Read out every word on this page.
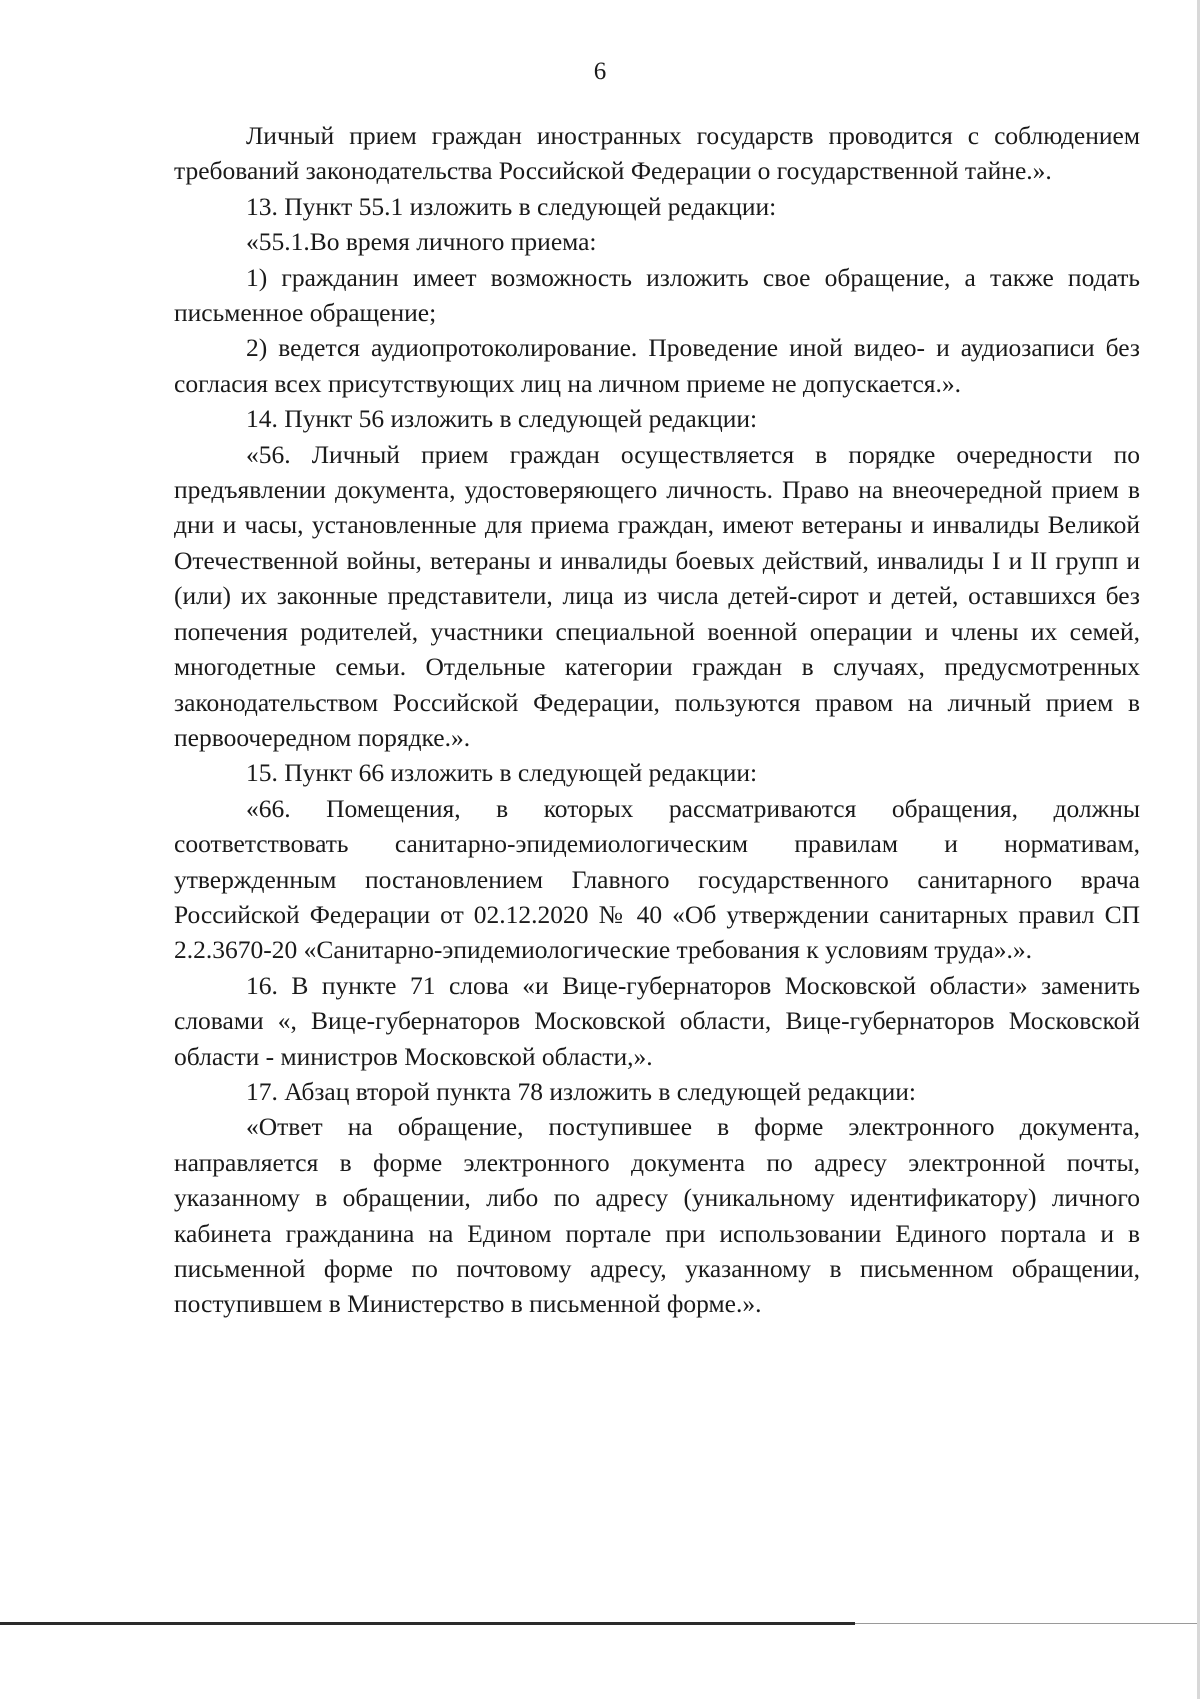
6

Личный прием граждан иностранных государств проводится с соблюдением требований законодательства Российской Федерации о государственной тайне.».

13. Пункт 55.1 изложить в следующей редакции:

«55.1.Во время личного приема:

1) гражданин имеет возможность изложить свое обращение, а также подать письменное обращение;

2) ведется аудиопротоколирование. Проведение иной видео- и аудиозаписи без согласия всех присутствующих лиц на личном приеме не допускается.».

14. Пункт 56 изложить в следующей редакции:

«56. Личный прием граждан осуществляется в порядке очередности по предъявлении документа, удостоверяющего личность. Право на внеочередной прием в дни и часы, установленные для приема граждан, имеют ветераны и инвалиды Великой Отечественной войны, ветераны и инвалиды боевых действий, инвалиды I и II групп и (или) их законные представители, лица из числа детей-сирот и детей, оставшихся без попечения родителей, участники специальной военной операции и члены их семей, многодетные семьи. Отдельные категории граждан в случаях, предусмотренных законодательством Российской Федерации, пользуются правом на личный прием в первоочередном порядке.».

15. Пункт 66 изложить в следующей редакции:

«66. Помещения, в которых рассматриваются обращения, должны соответствовать санитарно-эпидемиологическим правилам и нормативам, утвержденным постановлением Главного государственного санитарного врача Российской Федерации от 02.12.2020 № 40 «Об утверждении санитарных правил СП 2.2.3670-20 «Санитарно-эпидемиологические требования к условиям труда».».

16. В пункте 71 слова «и Вице-губернаторов Московской области» заменить словами «, Вице-губернаторов Московской области, Вице-губернаторов Московской области - министров Московской области,».

17. Абзац второй пункта 78 изложить в следующей редакции:

«Ответ на обращение, поступившее в форме электронного документа, направляется в форме электронного документа по адресу электронной почты, указанному в обращении, либо по адресу (уникальному идентификатору) личного кабинета гражданина на Едином портале при использовании Единого портала и в письменной форме по почтовому адресу, указанному в письменном обращении, поступившем в Министерство в письменной форме.».
